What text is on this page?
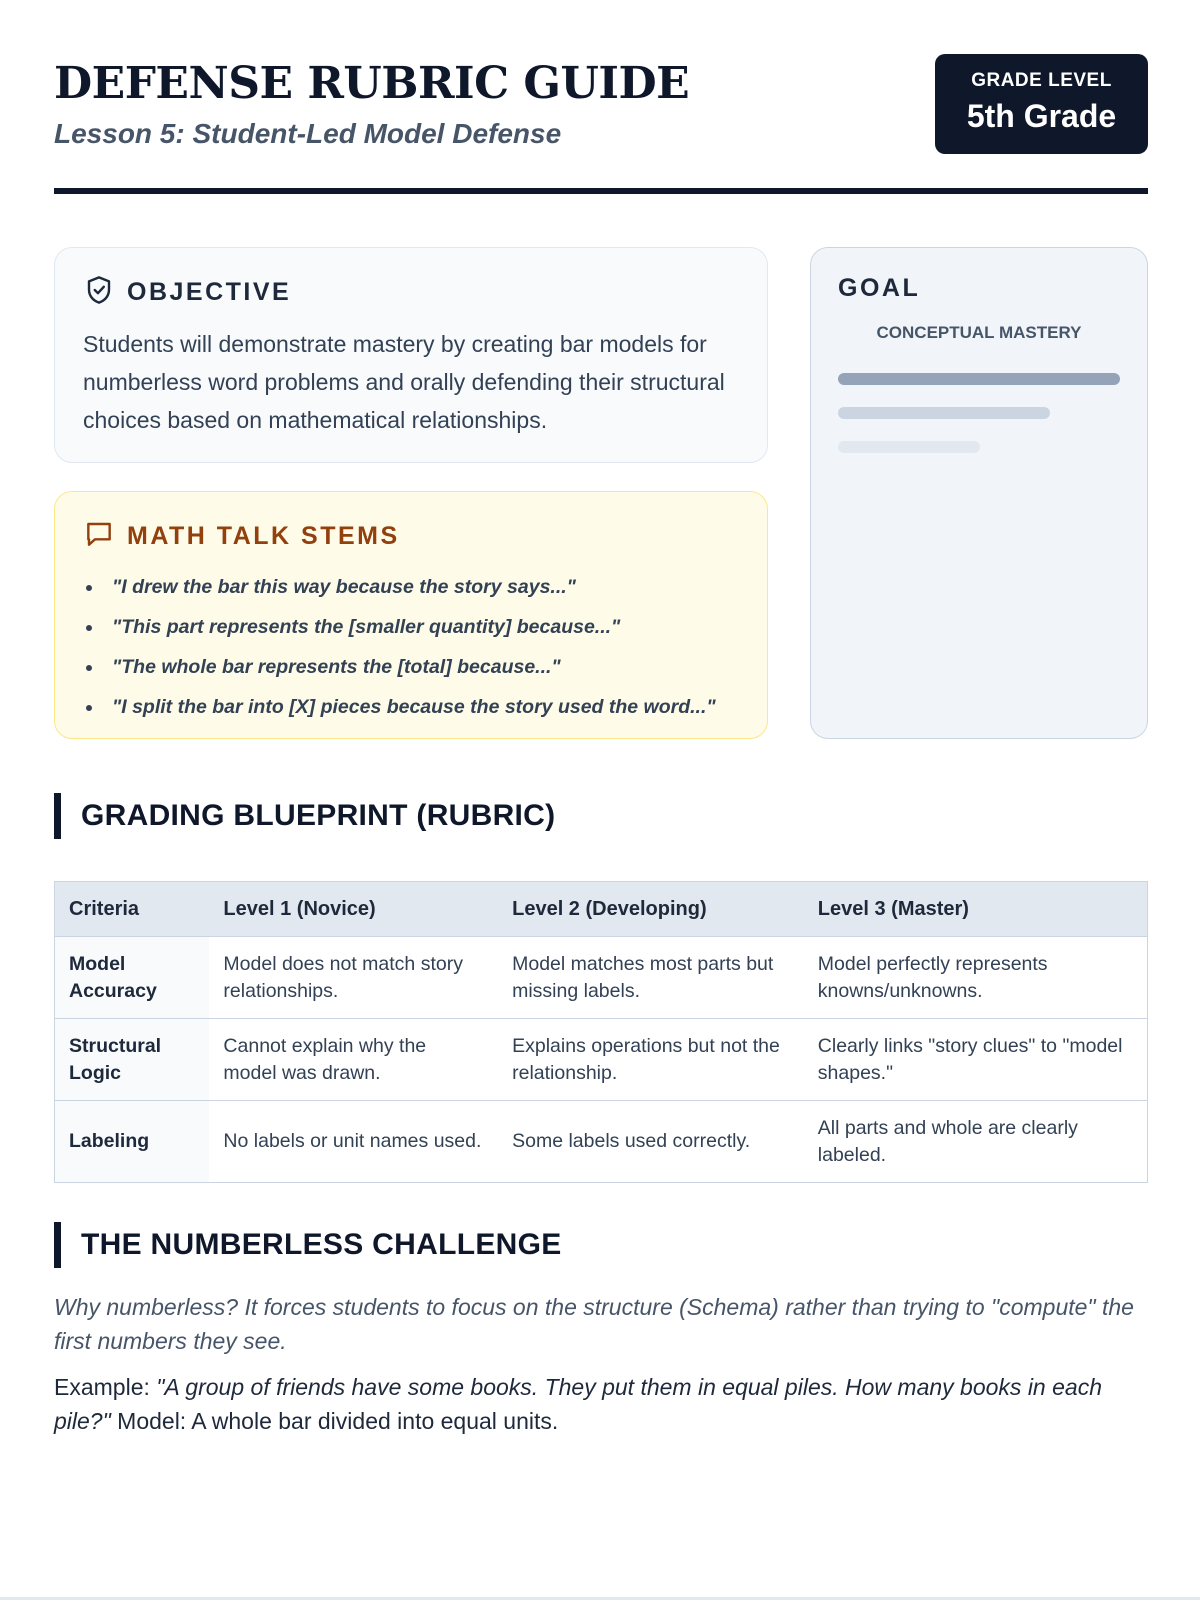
DEFENSE RUBRIC GUIDE
Lesson 5: Student-Led Model Defense
GRADE LEVEL
5th Grade
OBJECTIVE

Students will demonstrate mastery by creating bar models for numberless word problems and orally defending their structural choices based on mathematical relationships.

MATH TALK STEMS
"I drew the bar this way because the story says..."
"This part represents the [smaller quantity] because..."
"The whole bar represents the [total] because..."
"I split the bar into [X] pieces because the story used the word..."
GOAL
CONCEPTUAL MASTERY
GRADING BLUEPRINT (RUBRIC)
Criteria	Level 1 (Novice)	Level 2 (Developing)	Level 3 (Master)
Model Accuracy	Model does not match story relationships.	Model matches most parts but missing labels.	Model perfectly represents knowns/unknowns.
Structural Logic	Cannot explain why the model was drawn.	Explains operations but not the relationship.	Clearly links "story clues" to "model shapes."
Labeling	No labels or unit names used.	Some labels used correctly.	All parts and whole are clearly labeled.
THE NUMBERLESS CHALLENGE

Why numberless? It forces students to focus on the structure (Schema) rather than trying to "compute" the first numbers they see.

Example: "A group of friends have some books. They put them in equal piles. How many books in each pile?" Model: A whole bar divided into equal units.
